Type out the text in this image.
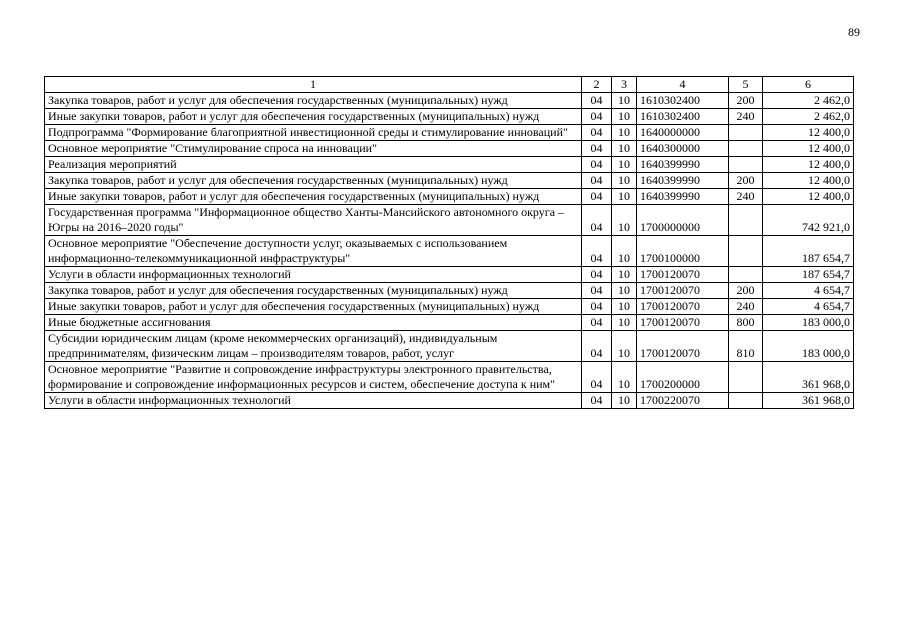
89
1	2	3	4	5	6
Закупка товаров, работ и услуг для обеспечения государственных (муниципальных) нужд	04	10	1610302400	200	2 462,0
Иные закупки товаров, работ и услуг для обеспечения государственных (муниципальных) нужд	04	10	1610302400	240	2 462,0
Подпрограмма "Формирование благоприятной инвестиционной среды и стимулирование инноваций"	04	10	1640000000		12 400,0
Основное мероприятие "Стимулирование спроса на инновации"	04	10	1640300000		12 400,0
Реализация мероприятий	04	10	1640399990		12 400,0
Закупка товаров, работ и услуг для обеспечения государственных (муниципальных) нужд	04	10	1640399990	200	12 400,0
Иные закупки товаров, работ и услуг для обеспечения государственных (муниципальных) нужд	04	10	1640399990	240	12 400,0
Государственная программа "Информационное общество Ханты-Мансийского автономного округа – Югры на 2016–2020 годы"	04	10	1700000000		742 921,0
Основное мероприятие "Обеспечение доступности услуг, оказываемых с использованием информационно-телекоммуникационной инфраструктуры"	04	10	1700100000		187 654,7
Услуги в области информационных технологий	04	10	1700120070		187 654,7
Закупка товаров, работ и услуг для обеспечения государственных (муниципальных) нужд	04	10	1700120070	200	4 654,7
Иные закупки товаров, работ и услуг для обеспечения государственных (муниципальных) нужд	04	10	1700120070	240	4 654,7
Иные бюджетные ассигнования	04	10	1700120070	800	183 000,0
Субсидии юридическим лицам (кроме некоммерческих организаций), индивидуальным предпринимателям, физическим лицам – производителям товаров, работ, услуг	04	10	1700120070	810	183 000,0
Основное мероприятие "Развитие и сопровождение инфраструктуры электронного правительства, формирование и сопровождение информационных ресурсов и систем, обеспечение доступа к ним"	04	10	1700200000		361 968,0
Услуги в области информационных технологий	04	10	1700220070		361 968,0
